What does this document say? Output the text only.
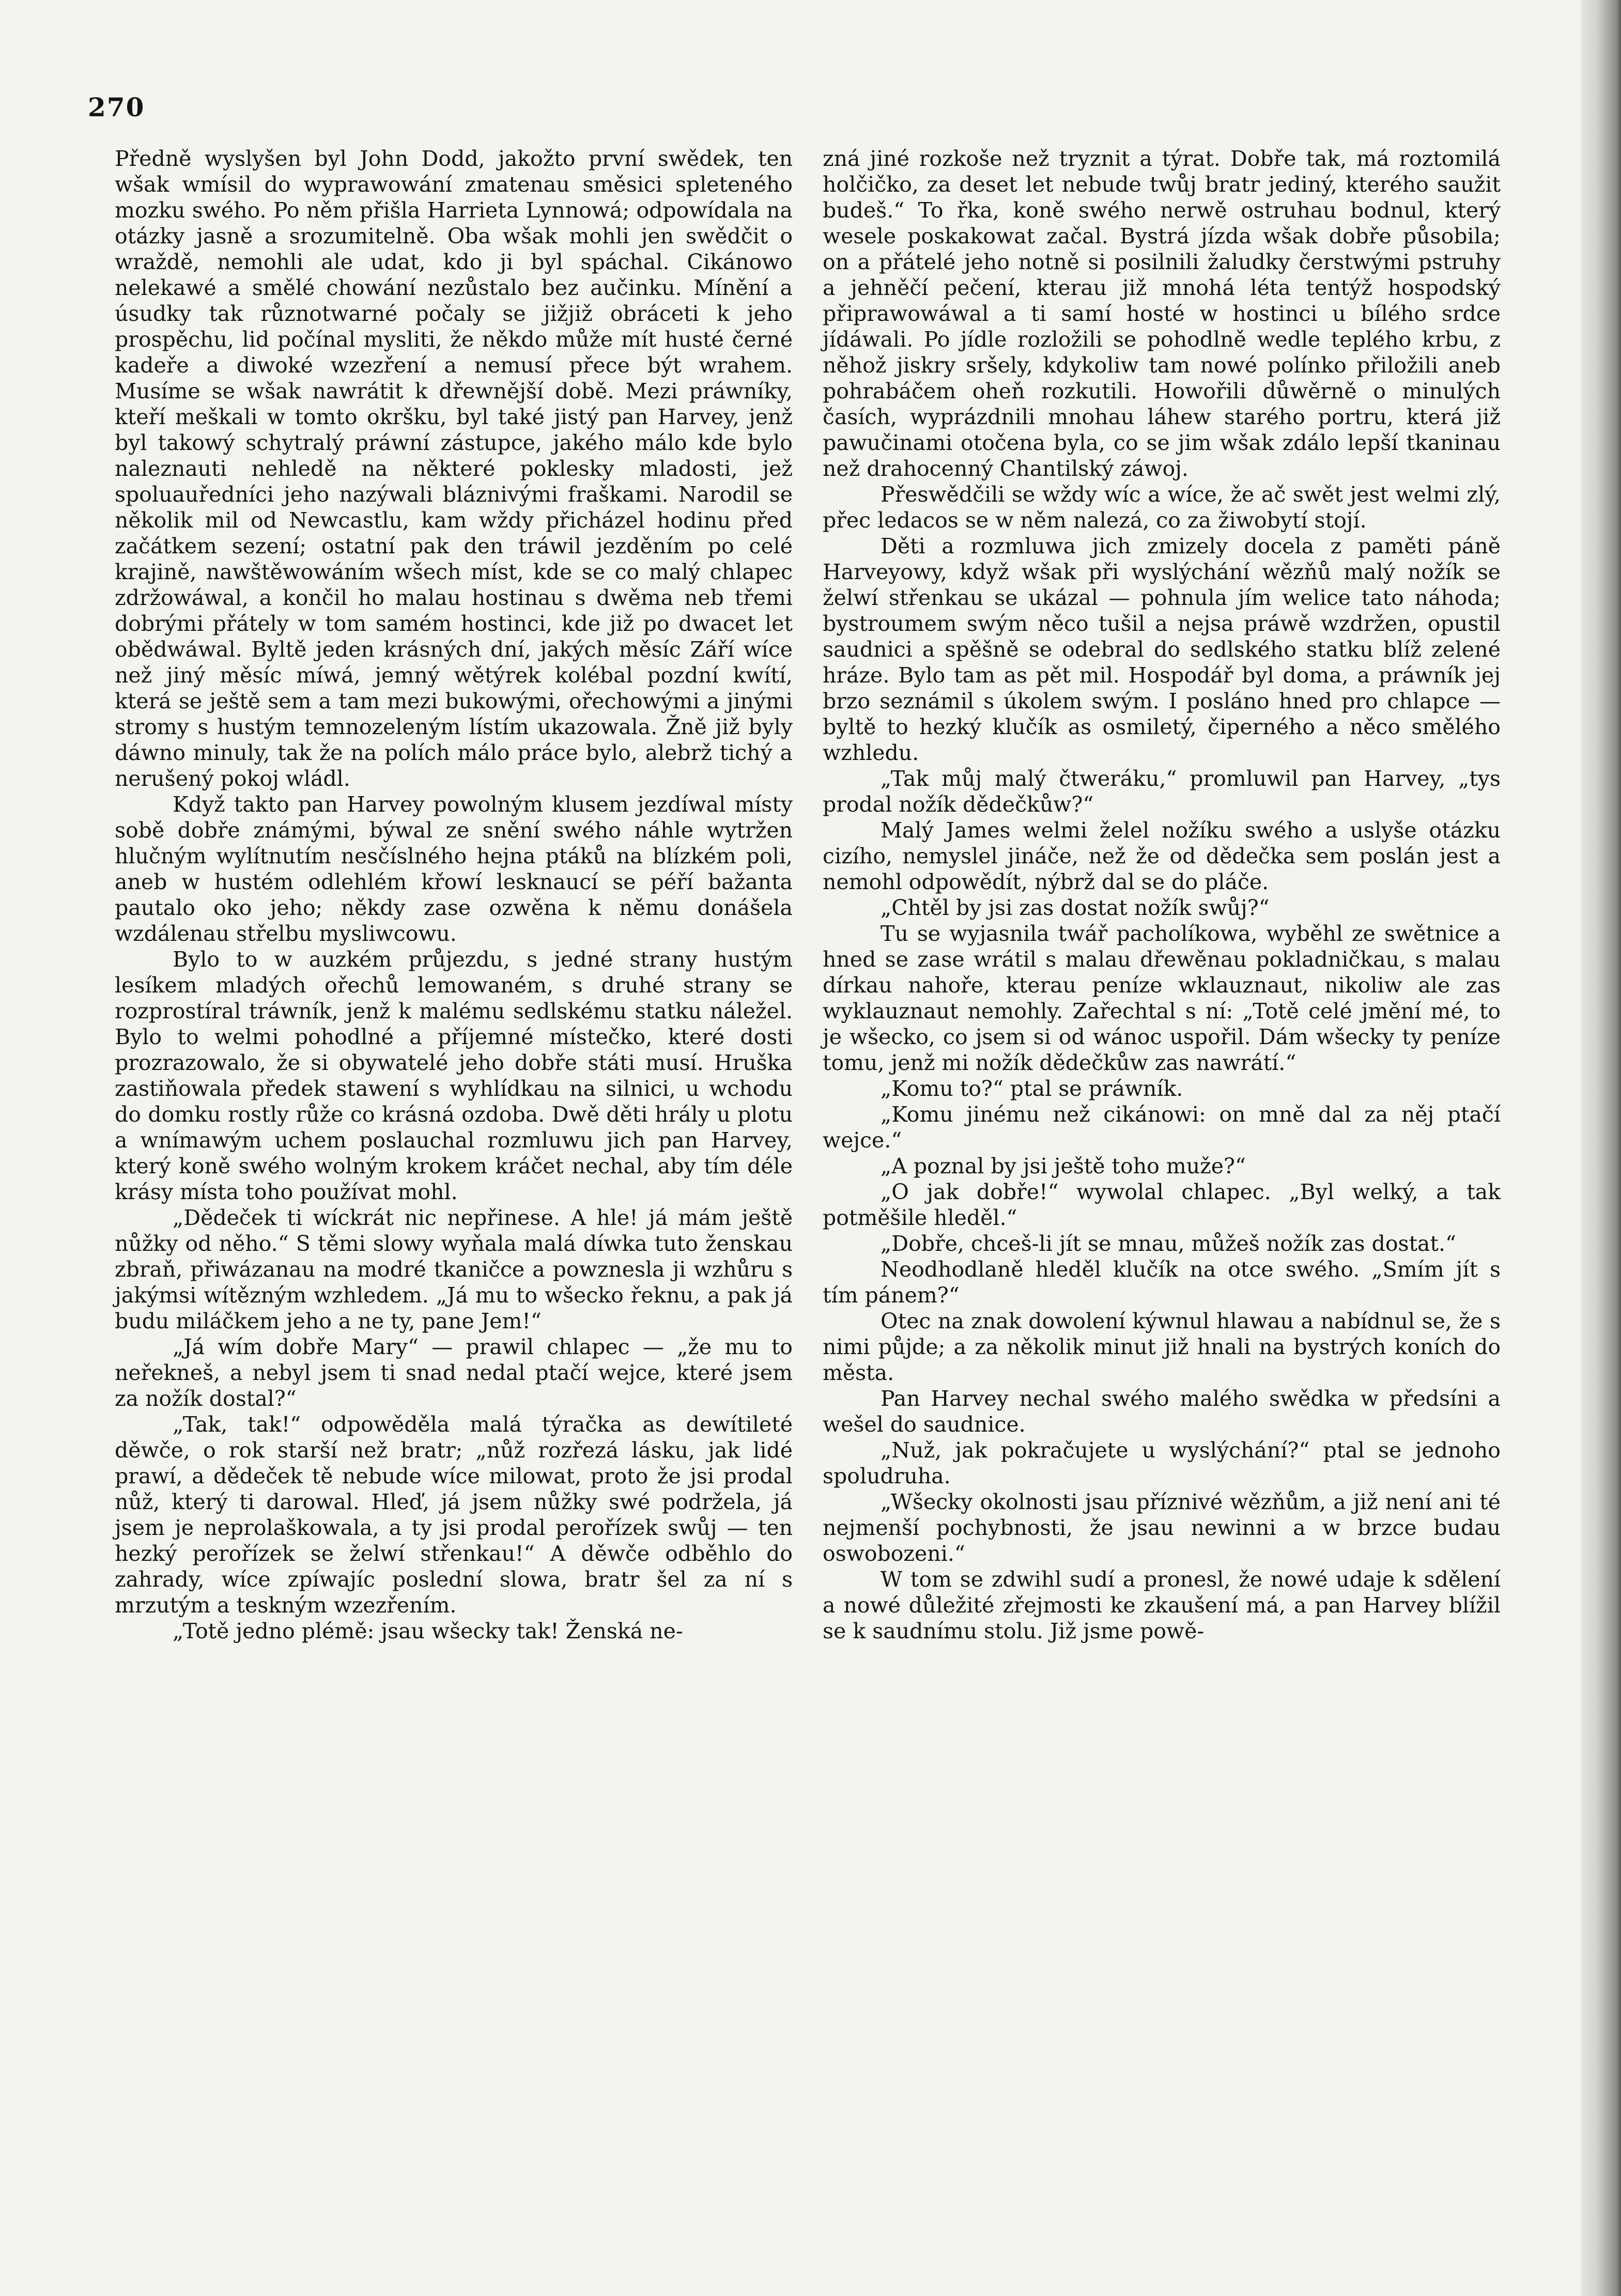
270

Předně wyslyšen byl John Dodd, jakožto první swědek, ten wšak wmísil do wyprawowání zmatenau směsici spleteného mozku swého. Po něm přišla Harrieta Lynnowá; odpowídala na otázky jasně a srozumitelně. Oba wšak mohli jen swědčit o wraždě, nemohli ale udat, kdo ji byl spáchal. Cikánowo nelekawé a smělé chowání nezůstalo bez aučinku. Mínění a úsudky tak různotwarné počaly se jižjiž obráceti k jeho prospěchu, lid počínal mysliti, že někdo může mít husté černé kadeře a diwoké wzezření a nemusí přece být wrahem. Musíme se wšak nawrátit k dřewnější době. Mezi práwníky, kteří meškali w tomto okršku, byl také jistý pan Harvey, jenž byl takowý schytralý práwní zástupce, jakého málo kde bylo naleznauti nehledě na některé poklesky mladosti, jež spoluauředníci jeho nazýwali bláznivými fraškami. Narodil se několik mil od Newcastlu, kam wždy přicházel hodinu před začátkem sezení; ostatní pak den tráwil jezděním po celé krajině, nawštěwowáním wšech míst, kde se co malý chlapec zdržowáwal, a končil ho malau hostinau s dwěma neb třemi dobrými přátely w tom samém hostinci, kde již po dwacet let obědwáwal. Byltě jeden krásných dní, jakých měsíc Září wíce než jiný měsíc míwá, jemný wětýrek kolébal pozdní kwítí, která se ještě sem a tam mezi bukowými, ořechowými a jinými stromy s hustým temnozeleným lístím ukazowala. Žně již byly dáwno minuly, tak že na polích málo práce bylo, alebrž tichý a nerušený pokoj wládl.

Když takto pan Harvey powolným klusem jezdíwal místy sobě dobře známými, býwal ze snění swého náhle wytržen hlučným wylítnutím nesčíslného hejna ptáků na blízkém poli, aneb w hustém odlehlém křowí lesknaucí se péří bažanta pautalo oko jeho; někdy zase ozwěna k němu donášela wzdálenau střelbu mysliwcowu.

Bylo to w auzkém průjezdu, s jedné strany hustým lesíkem mladých ořechů lemowaném, s druhé strany se rozprostíral tráwník, jenž k malému sedlskému statku náležel. Bylo to welmi pohodlné a příjemné místečko, které dosti prozrazowalo, že si obywatelé jeho dobře státi musí. Hruška zastiňowala předek stawení s wyhlídkau na silnici, u wchodu do domku rostly růže co krásná ozdoba. Dwě děti hrály u plotu a wnímawým uchem poslauchal rozmluwu jich pan Harvey, který koně swého wolným krokem kráčet nechal, aby tím déle krásy místa toho používat mohl.

„Dědeček ti wíckrát nic nepřinese. A hle! já mám ještě nůžky od něho.“ S těmi slowy wyňala malá díwka tuto ženskau zbraň, přiwázanau na modré tkaničce a powznesla ji wzhůru s jakýmsi wítězným wzhledem. „Já mu to wšecko řeknu, a pak já budu miláčkem jeho a ne ty, pane Jem!“

„Já wím dobře Mary“ — prawil chlapec — „že mu to neřekneš, a nebyl jsem ti snad nedal ptačí wejce, které jsem za nožík dostal?“

„Tak, tak!“ odpowěděla malá týračka as dewítileté děwče, o rok starší než bratr; „nůž rozřezá lásku, jak lidé prawí, a dědeček tě nebude wíce milowat, proto že jsi prodal nůž, který ti darowal. Hleď, já jsem nůžky swé podržela, já jsem je neprolaškowala, a ty jsi prodal perořízek swůj — ten hezký perořízek se želwí střenkau!“ A děwče odběhlo do zahrady, wíce zpíwajíc poslední slowa, bratr šel za ní s mrzutým a teskným wzezřením.

„Totě jedno plémě: jsau wšecky tak! Ženská ne-

zná jiné rozkoše než tryznit a týrat. Dobře tak, má roztomilá holčičko, za deset let nebude twůj bratr jediný, kterého saužit budeš.“ To řka, koně swého nerwě ostruhau bodnul, který wesele poskakowat začal. Bystrá jízda wšak dobře působila; on a přátelé jeho notně si posilnili žaludky čerstwými pstruhy a jehněčí pečení, kterau již mnohá léta tentýž hospodský připrawowáwal a ti samí hosté w hostinci u bílého srdce jídáwali. Po jídle rozložili se pohodlně wedle teplého krbu, z něhož jiskry sršely, kdykoliw tam nowé polínko přiložili aneb pohrabáčem oheň rozkutili. Howořili důwěrně o minulých časích, wyprázdnili mnohau láhew starého portru, která již pawučinami otočena byla, co se jim wšak zdálo lepší tkaninau než drahocenný Chantilský záwoj.

Přeswědčili se wždy wíc a wíce, že ač swět jest welmi zlý, přec ledacos se w něm nalezá, co za žiwobytí stojí.

Děti a rozmluwa jich zmizely docela z paměti páně Harveyowy, když wšak při wyslýchání wězňů malý nožík se želwí střenkau se ukázal — pohnula jím welice tato náhoda; bystroumem swým něco tušil a nejsa práwě wzdržen, opustil saudnici a spěšně se odebral do sedlského statku blíž zelené hráze. Bylo tam as pět mil. Hospodář byl doma, a práwník jej brzo seznámil s úkolem swým. I posláno hned pro chlapce — byltě to hezký klučík as osmiletý, čiperného a něco smělého wzhledu.

„Tak můj malý čtweráku,“ promluwil pan Harvey, „tys prodal nožík dědečkůw?“

Malý James welmi želel nožíku swého a uslyše otázku cizího, nemyslel jináče, než že od dědečka sem poslán jest a nemohl odpowědít, nýbrž dal se do pláče.

„Chtěl by jsi zas dostat nožík swůj?“

Tu se wyjasnila twář pacholíkowa, wyběhl ze swětnice a hned se zase wrátil s malau dřewěnau pokladničkau, s malau dírkau nahoře, kterau peníze wklauznaut, nikoliw ale zas wyklauznaut nemohly. Zařechtal s ní: „Totě celé jmění mé, to je wšecko, co jsem si od wánoc uspořil. Dám wšecky ty peníze tomu, jenž mi nožík dědečkůw zas nawrátí.“

„Komu to?“ ptal se práwník.

„Komu jinému než cikánowi: on mně dal za něj ptačí wejce.“

„A poznal by jsi ještě toho muže?“

„O jak dobře!“ wywolal chlapec. „Byl welký, a tak potměšile hleděl.“

„Dobře, chceš-li jít se mnau, můžeš nožík zas dostat.“

Neodhodlaně hleděl klučík na otce swého. „Smím jít s tím pánem?“

Otec na znak dowolení kýwnul hlawau a nabídnul se, že s nimi půjde; a za několik minut již hnali na bystrých koních do města.

Pan Harvey nechal swého malého swědka w předsíni a wešel do saudnice.

„Nuž, jak pokračujete u wyslýchání?“ ptal se jednoho spoludruha.

„Wšecky okolnosti jsau příznivé wězňům, a již není ani té nejmenší pochybnosti, že jsau newinni a w brzce budau oswobozeni.“

W tom se zdwihl sudí a pronesl, že nowé udaje k sdělení a nowé důležité zřejmosti ke zkaušení má, a pan Harvey blížil se k saudnímu stolu. Již jsme powě-
